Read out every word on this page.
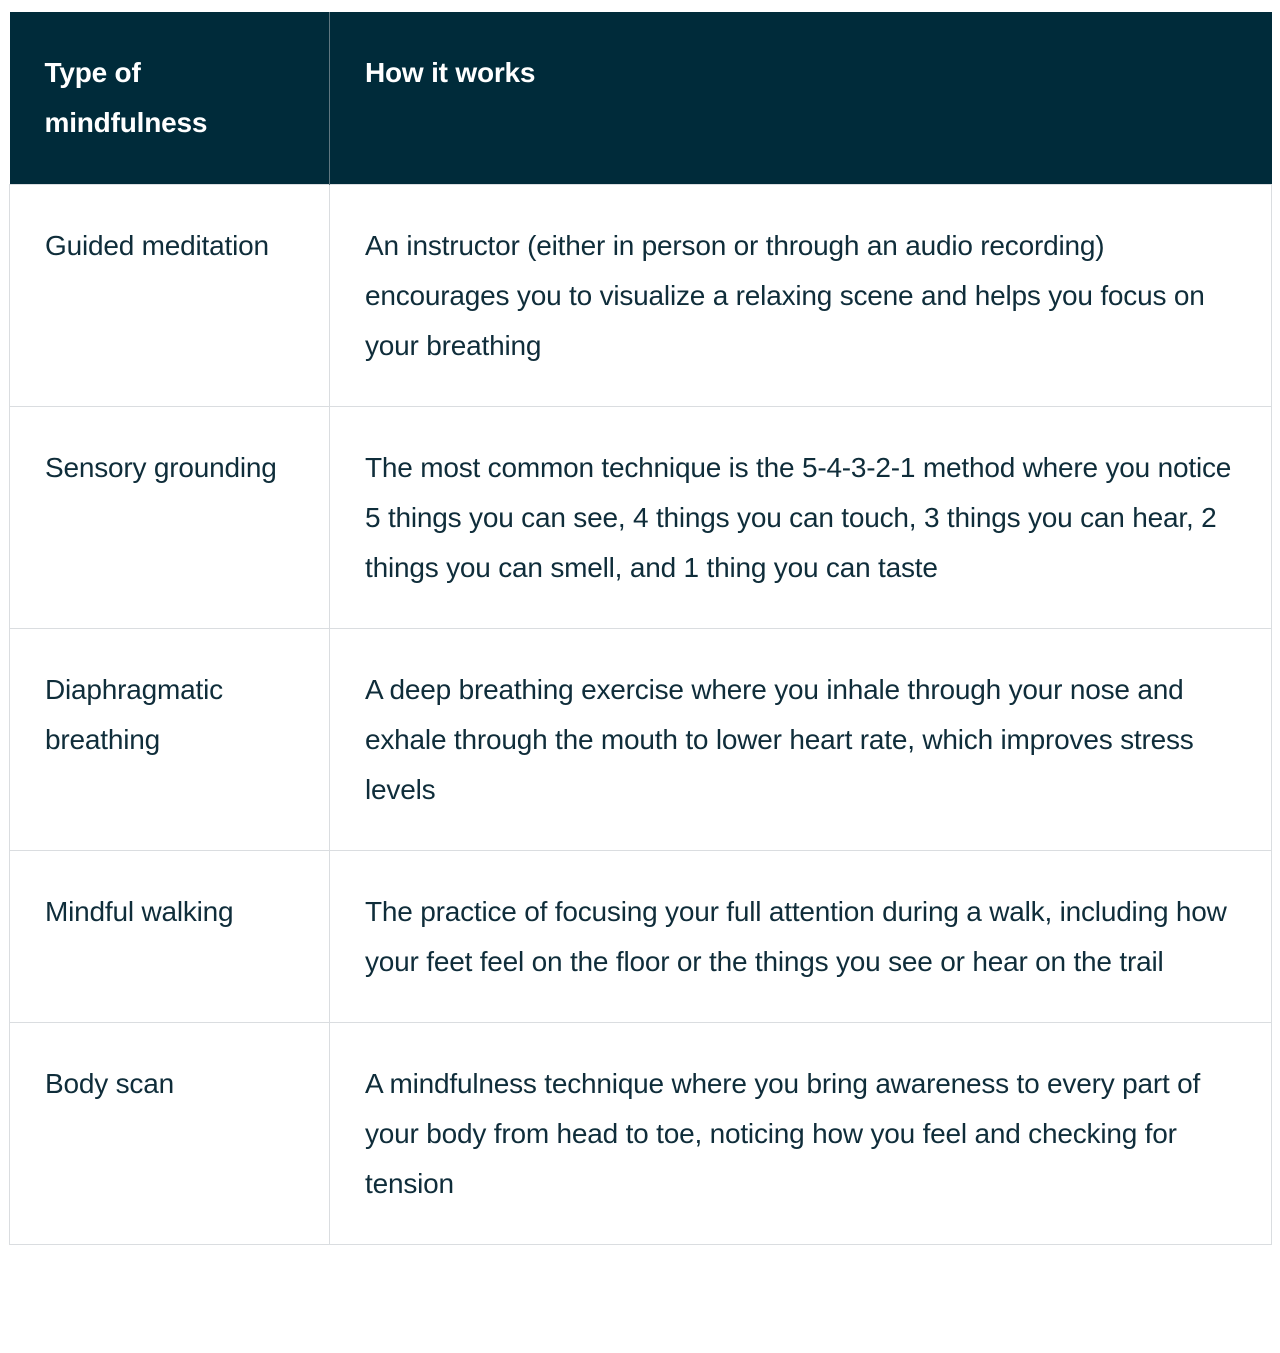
Type of mindfulness	How it works
Guided meditation	An instructor (either in person or through an audio recording) encourages you to visualize a relaxing scene and helps you focus on your breathing
Sensory grounding	The most common technique is the 5-4-3-2-1 method where you notice 5 things you can see, 4 things you can touch, 3 things you can hear, 2 things you can smell, and 1 thing you can taste
Diaphragmatic breathing	A deep breathing exercise where you inhale through your nose and exhale through the mouth to lower heart rate, which improves stress levels
Mindful walking	The practice of focusing your full attention during a walk, including how your feet feel on the floor or the things you see or hear on the trail
Body scan	A mindfulness technique where you bring awareness to every part of your body from head to toe, noticing how you feel and checking for tension
